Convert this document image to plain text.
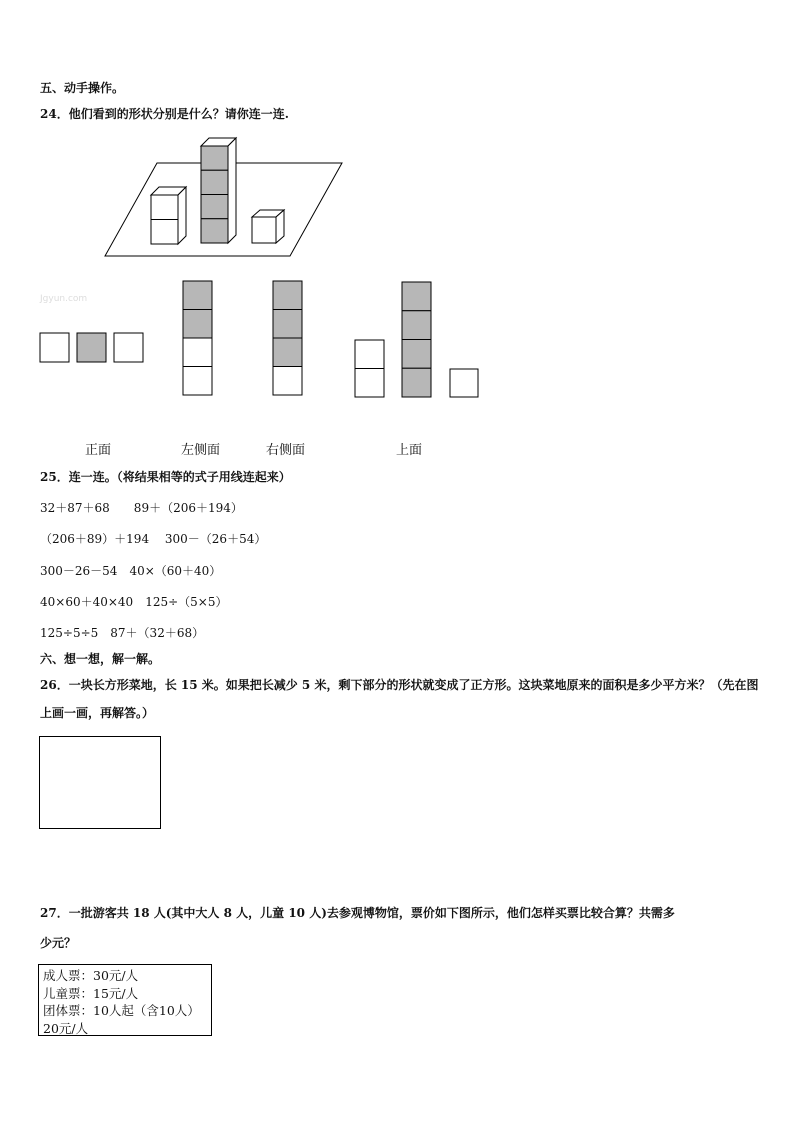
五、动手操作。
24．他们看到的形状分别是什么？请你连一连.
Jgyun.com
正面	左侧面	右侧面	上面
25．连一连。（将结果相等的式子用线连起来）
32＋87＋68　　89＋（206＋194）
（206＋89）＋194　 300－（26＋54）
300－26－54　40×（60＋40）
40×60＋40×40　125÷（5×5）
125÷5÷5　87＋（32＋68）
六、想一想，解一解。
26．一块长方形菜地，长 15 米。如果把长减少 5 米，剩下部分的形状就变成了正方形。这块菜地原来的面积是多少平方米？（先在图上画一画，再解答。）
27．一批游客共 18 人(其中大人 8 人，儿童 10 人)去参观博物馆，票价如下图所示，他们怎样买票比较合算？共需多
少元？
成人票：30元/人
儿童票：15元/人
团体票：10人起（含10人）
20元/人
